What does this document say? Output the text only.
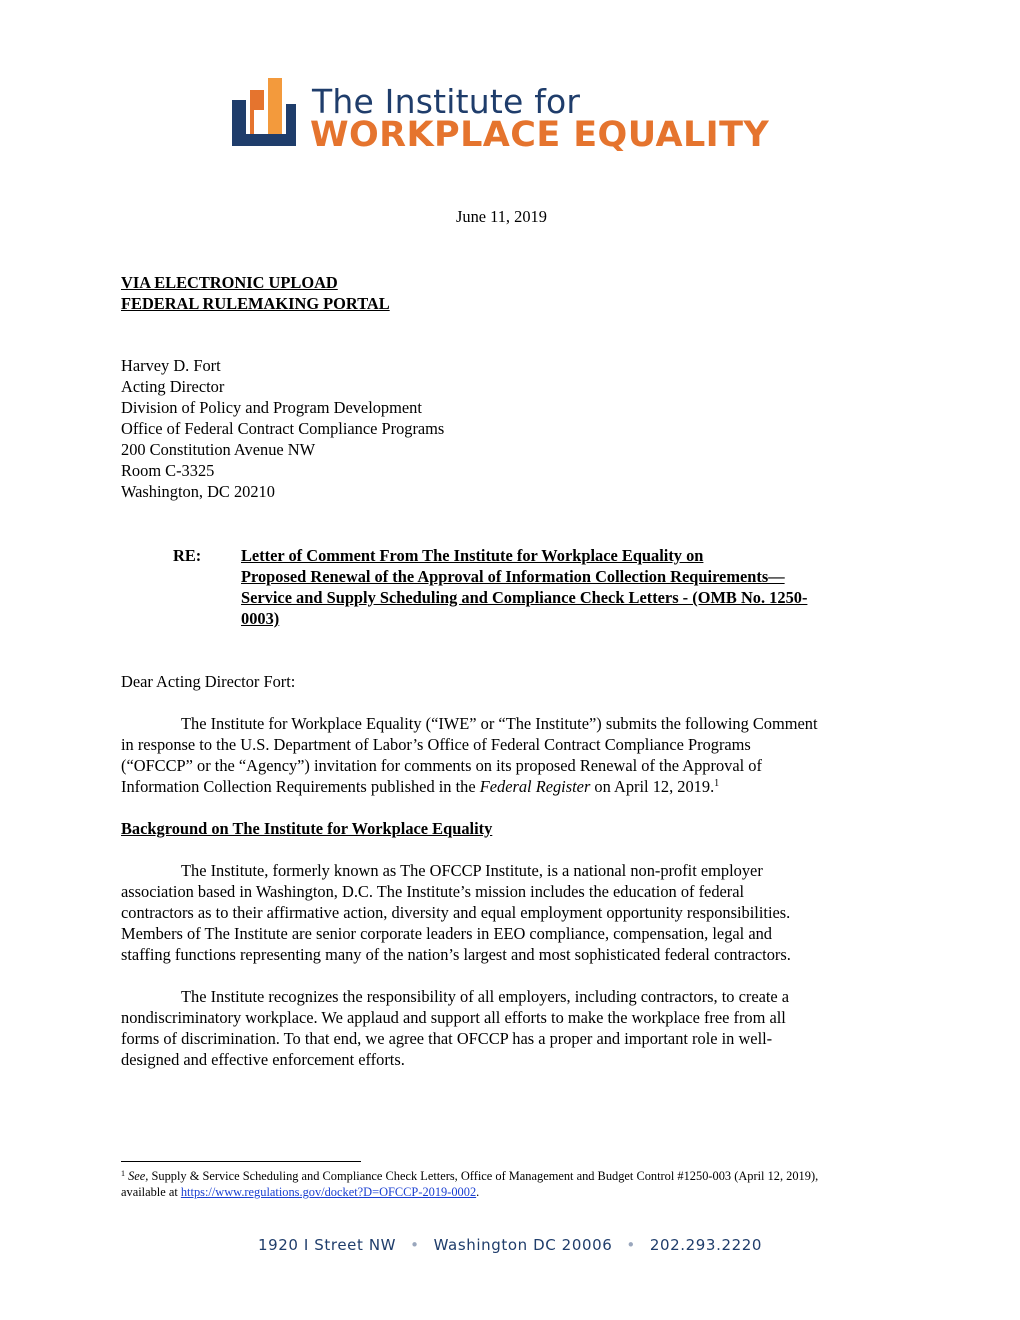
The Institute for
WORKPLACE EQUALITY
June 11, 2019
VIA ELECTRONIC UPLOAD
FEDERAL RULEMAKING PORTAL
Harvey D. Fort
Acting Director
Division of Policy and Program Development
Office of Federal Contract Compliance Programs
200 Constitution Avenue NW
Room C-3325
Washington, DC 20210
RE: Letter of Comment From The Institute for Workplace Equality on
Proposed Renewal of the Approval of Information Collection Requirements—
Service and Supply Scheduling and Compliance Check Letters - (OMB No. 1250-
0003)
Dear Acting Director Fort:
The Institute for Workplace Equality (“IWE” or “The Institute”) submits the following Comment
in response to the U.S. Department of Labor’s Office of Federal Contract Compliance Programs
(“OFCCP” or the “Agency”) invitation for comments on its proposed Renewal of the Approval of
Information Collection Requirements published in the Federal Register on April 12, 2019.$^1$
Background on The Institute for Workplace Equality
The Institute, formerly known as The OFCCP Institute, is a national non-profit employer
association based in Washington, D.C. The Institute’s mission includes the education of federal
contractors as to their affirmative action, diversity and equal employment opportunity responsibilities.
Members of The Institute are senior corporate leaders in EEO compliance, compensation, legal and
staffing functions representing many of the nation’s largest and most sophisticated federal contractors.
The Institute recognizes the responsibility of all employers, including contractors, to create a
nondiscriminatory workplace. We applaud and support all efforts to make the workplace free from all
forms of discrimination. To that end, we agree that OFCCP has a proper and important role in well-
designed and effective enforcement efforts.
$^1$ See, Supply & Service Scheduling and Compliance Check Letters, Office of Management and Budget Control #1250-003 (April 12, 2019),
available at https://www.regulations.gov/docket?D=OFCCP-2019-0002.
1920 I Street NW • Washington DC 20006 • 202.293.2220
